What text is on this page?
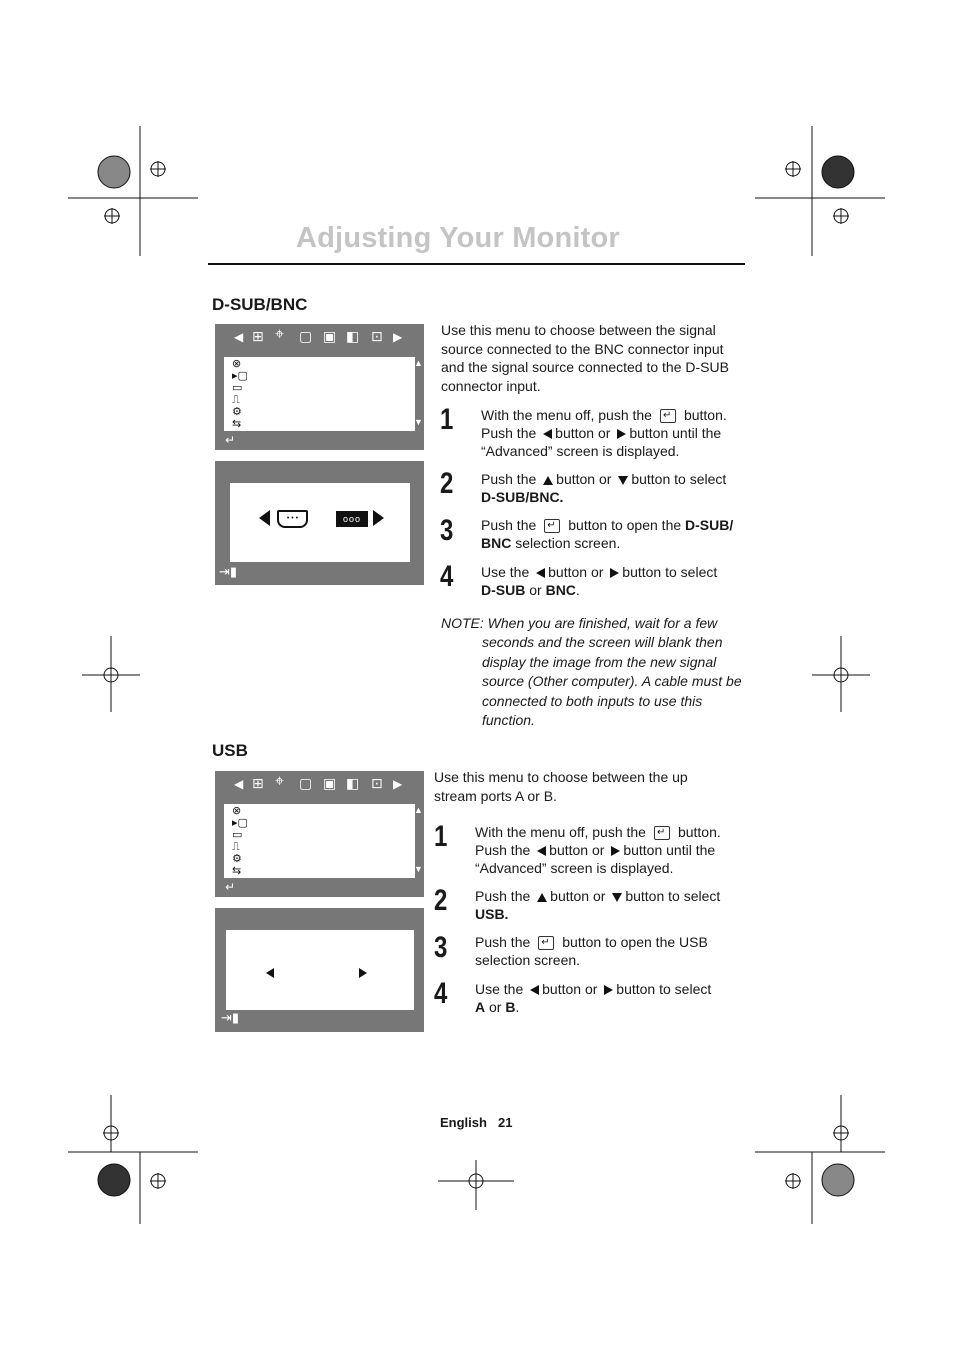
Adjusting Your Monitor
D-SUB/BNC
◀ ⊞ ⌖ ▢ ▣ ◧ ⊡ ▶
⊗
▸▢
▭
⎍
⚙
⇆
▲
▼
↵
• • •	ooo
⇥▮
Use this menu to choose between the signal source connected to the BNC connector input and the signal source connected to the D-SUB connector input.
1 With the menu off, push the↵ button.
Push the button or button until the
“Advanced” screen is displayed.
2 Push the button or button to select
D-SUB/BNC.
3 Push the ↵ button to open the D-SUB/
BNC selection screen.
4 Use the button or button to select
D-SUB or BNC.
NOTE: When you are finished, wait for a few
seconds and the screen will blank then
display the image from the new signal
source (Other computer). A cable must be
connected to both inputs to use this
function.
USB
◀ ⊞ ⌖ ▢ ▣ ◧ ⊡ ▶
⊗
▸▢
▭
⎍
⚙
⇆
▲
▼
↵
⇥▮
Use this menu to choose between the up stream ports A or B.
1 With the menu off, push the ↵ button.
Push the button or button until the
“Advanced” screen is displayed.
2 Push the button or button to select
USB.
3 Push the ↵ button to open the USB
selection screen.
4 Use the button or button to select
A or B.
English 21
